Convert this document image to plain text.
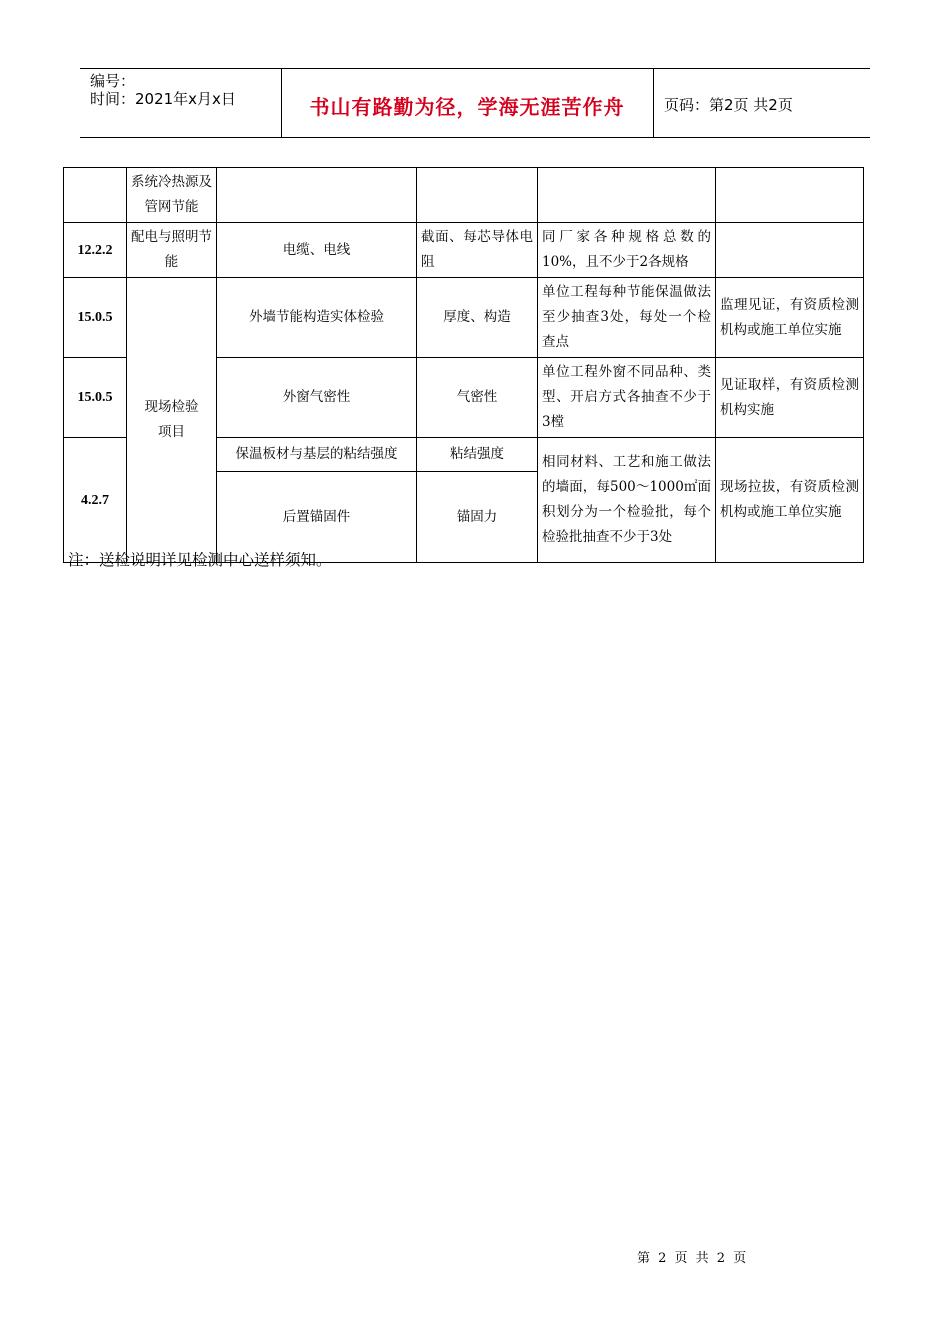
编号：
时间：2021年x月x日	书山有路勤为径，学海无涯苦作舟	页码：第2页 共2页
	系统冷热源及管网节能				
12.2.2	配电与照明节能	电缆、电线	截面、每芯导体电阻	同厂家各种规格总数的10%，且不少于2各规格	
15.0.5	现场检验项目	外墙节能构造实体检验	厚度、构造	单位工程每种节能保温做法至少抽查3处，每处一个检查点	监理见证，有资质检测机构或施工单位实施
15.0.5		外窗气密性	气密性	单位工程外窗不同品种、类型、开启方式各抽查不少于3樘	见证取样，有资质检测机构实施
4.2.7		保温板材与基层的粘结强度	粘结强度	相同材料、工艺和施工做法的墙面，每500～1000㎡面积划分为一个检验批，每个检验批抽查不少于3处	现场拉拔，有资质检测机构或施工单位实施
		后置锚固件	锚固力		
注：送检说明详见检测中心送样须知。
第 2 页 共 2 页
